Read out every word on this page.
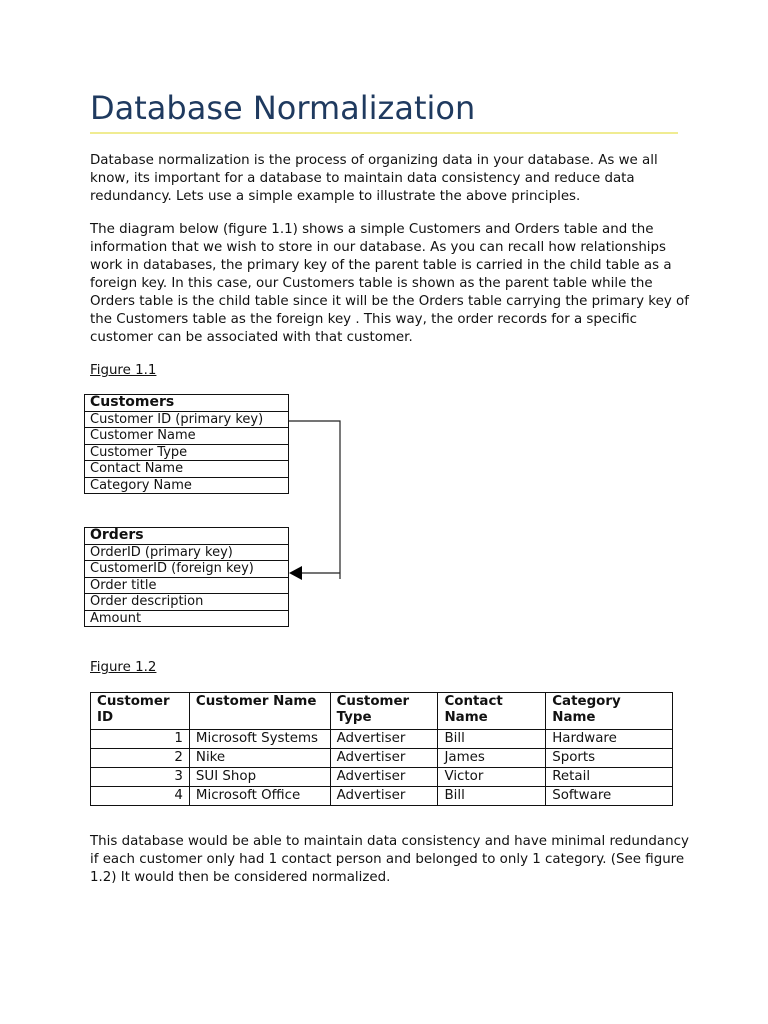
Database Normalization

Database normalization is the process of organizing data in your database. As we all know, its important for a database to maintain data consistency and reduce data redundancy. Lets use a simple example to illustrate the above principles.

The diagram below (figure 1.1) shows a simple Customers and Orders table and the information that we wish to store in our database. As you can recall how relationships work in databases, the primary key of the parent table is carried in the child table as a foreign key. In this case, our Customers table is shown as the parent table while the Orders table is the child table since it will be the Orders table carrying the primary key of the Customers table as the foreign key . This way, the order records for a specific customer can be associated with that customer.

Figure 1.1
Customers
Customer ID (primary key)
Customer Name
Customer Type
Contact Name
Category Name
Orders
OrderID (primary key)
CustomerID (foreign key)
Order title
Order description
Amount
Figure 1.2
Customer ID	Customer Name	Customer Type	Contact Name	Category Name
1	Microsoft Systems	Advertiser	Bill	Hardware
2	Nike	Advertiser	James	Sports
3	SUI Shop	Advertiser	Victor	Retail
4	Microsoft Office	Advertiser	Bill	Software

This database would be able to maintain data consistency and have minimal redundancy if each customer only had 1 contact person and belonged to only 1 category. (See figure 1.2) It would then be considered normalized.
